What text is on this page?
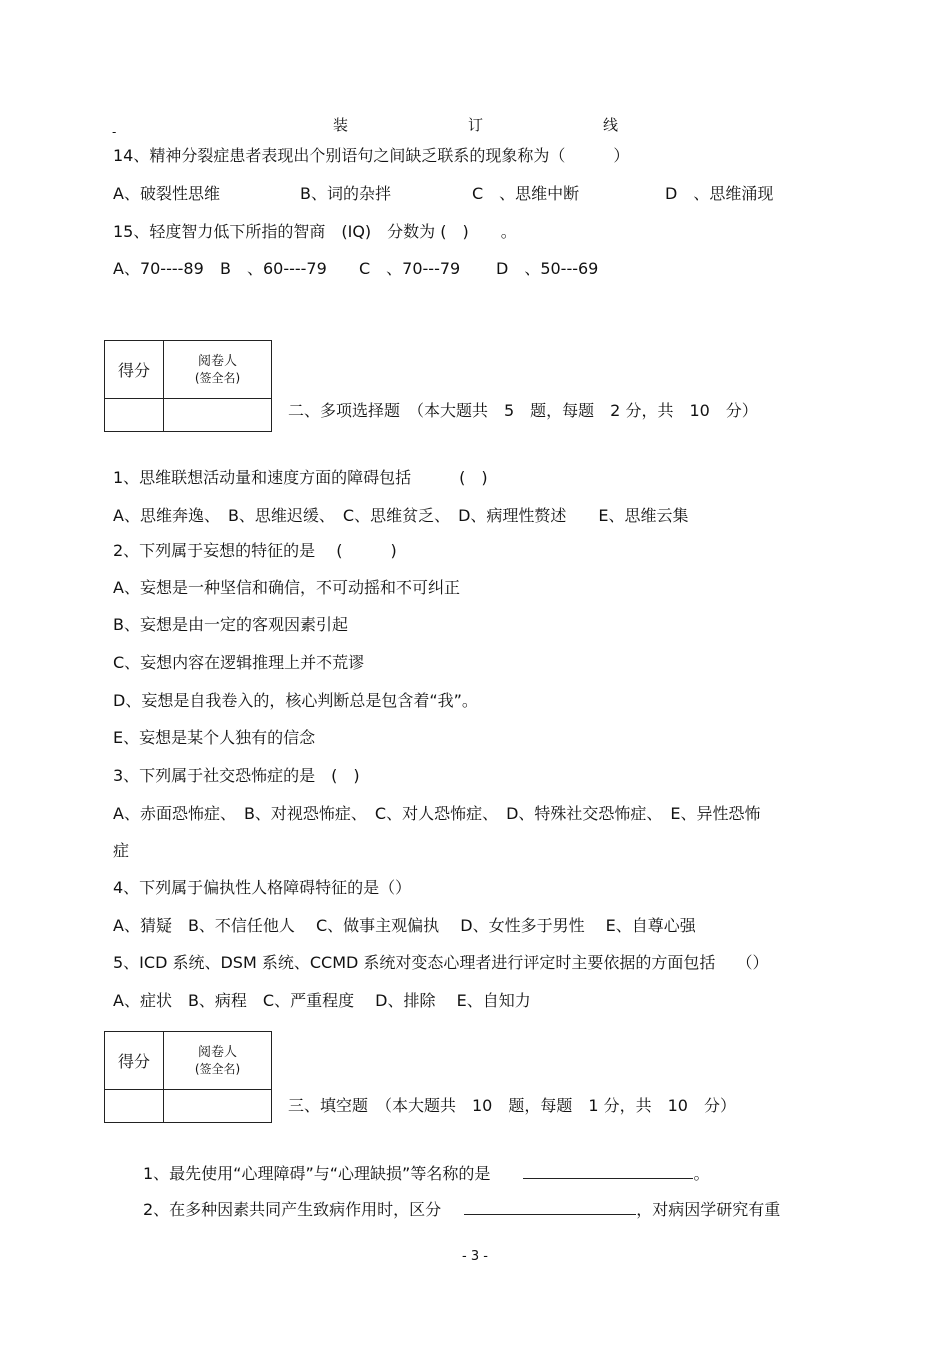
装	订	线
-
14、精神分裂症患者表现出个别语句之间缺乏联系的现象称为（　　　）
A、破裂性思维	B、词的杂拌	C　、思维中断	D　、思维涌现
15、轻度智力低下所指的智商　(IQ)　分数为 (　)　　。
A、70----89 B　、60----79 C　、70---79 D　、50---69
得分	阅卷人
(签全名)

二、多项选择题　（本大题共　5　题，每题　2 分，共　10　分）
1、思维联想活动量和速度方面的障碍包括　　　(　)
A、思维奔逸、　B、思维迟缓、　C、思维贫乏、　D、病理性赘述　　E、思维云集
2、下列属于妄想的特征的是　 (　　　)
A、妄想是一种坚信和确信，不可动摇和不可纠正
B、妄想是由一定的客观因素引起
C、妄想内容在逻辑推理上并不荒谬
D、妄想是自我卷入的，核心判断总是包含着“我”。
E、妄想是某个人独有的信念
3、下列属于社交恐怖症的是　(　)
A、赤面恐怖症、　B、对视恐怖症、　C、对人恐怖症、　D、特殊社交恐怖症、　E、异性恐怖
症
4、下列属于偏执性人格障碍特征的是（）
A、猜疑　B、不信任他人　 C、做事主观偏执　 D、女性多于男性　 E、自尊心强
5、ICD 系统、DSM 系统、CCMD 系统对变态心理者进行评定时主要依据的方面包括　 （）
A、症状　B、病程　C、严重程度　 D、排除　 E、自知力
得分	阅卷人
(签全名)

三、填空题　（本大题共　10　题，每题　1 分，共　10　分）
1、最先使用“心理障碍”与“心理缺损”等名称的是	。
2、在多种因素共同产生致病作用时，区分	，对病因学研究有重
- 3 -
